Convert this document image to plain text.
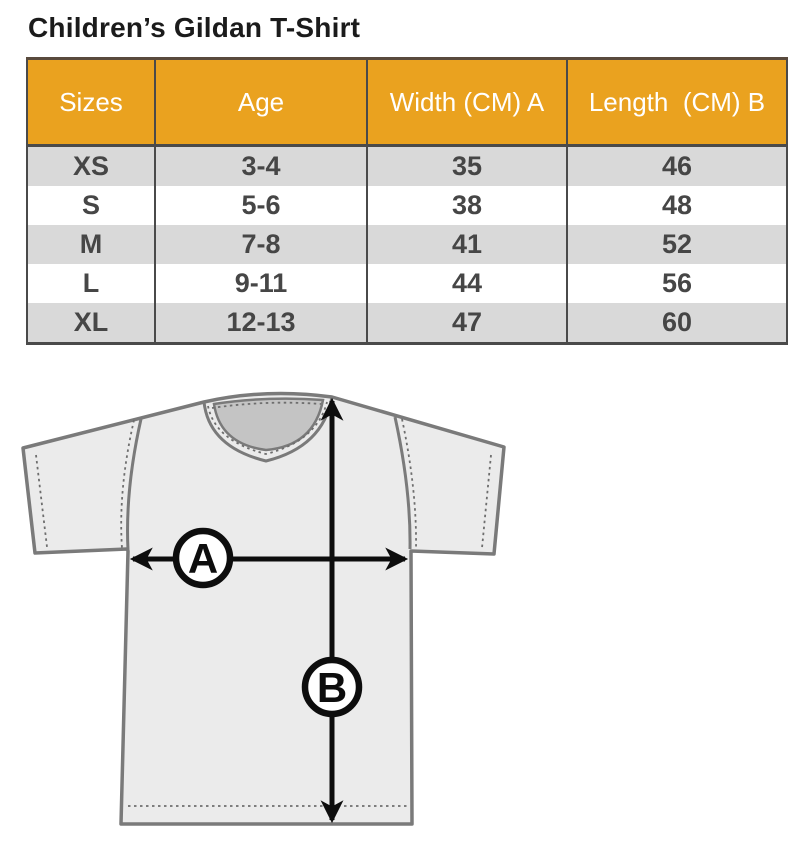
Children’s Gildan T-Shirt
Sizes	Age	Width (CM) A	Length  (CM) B
XS	3-4	35	46
S	5-6	38	48
M	7-8	41	52
L	9-11	44	56
XL	12-13	47	60
A
B
